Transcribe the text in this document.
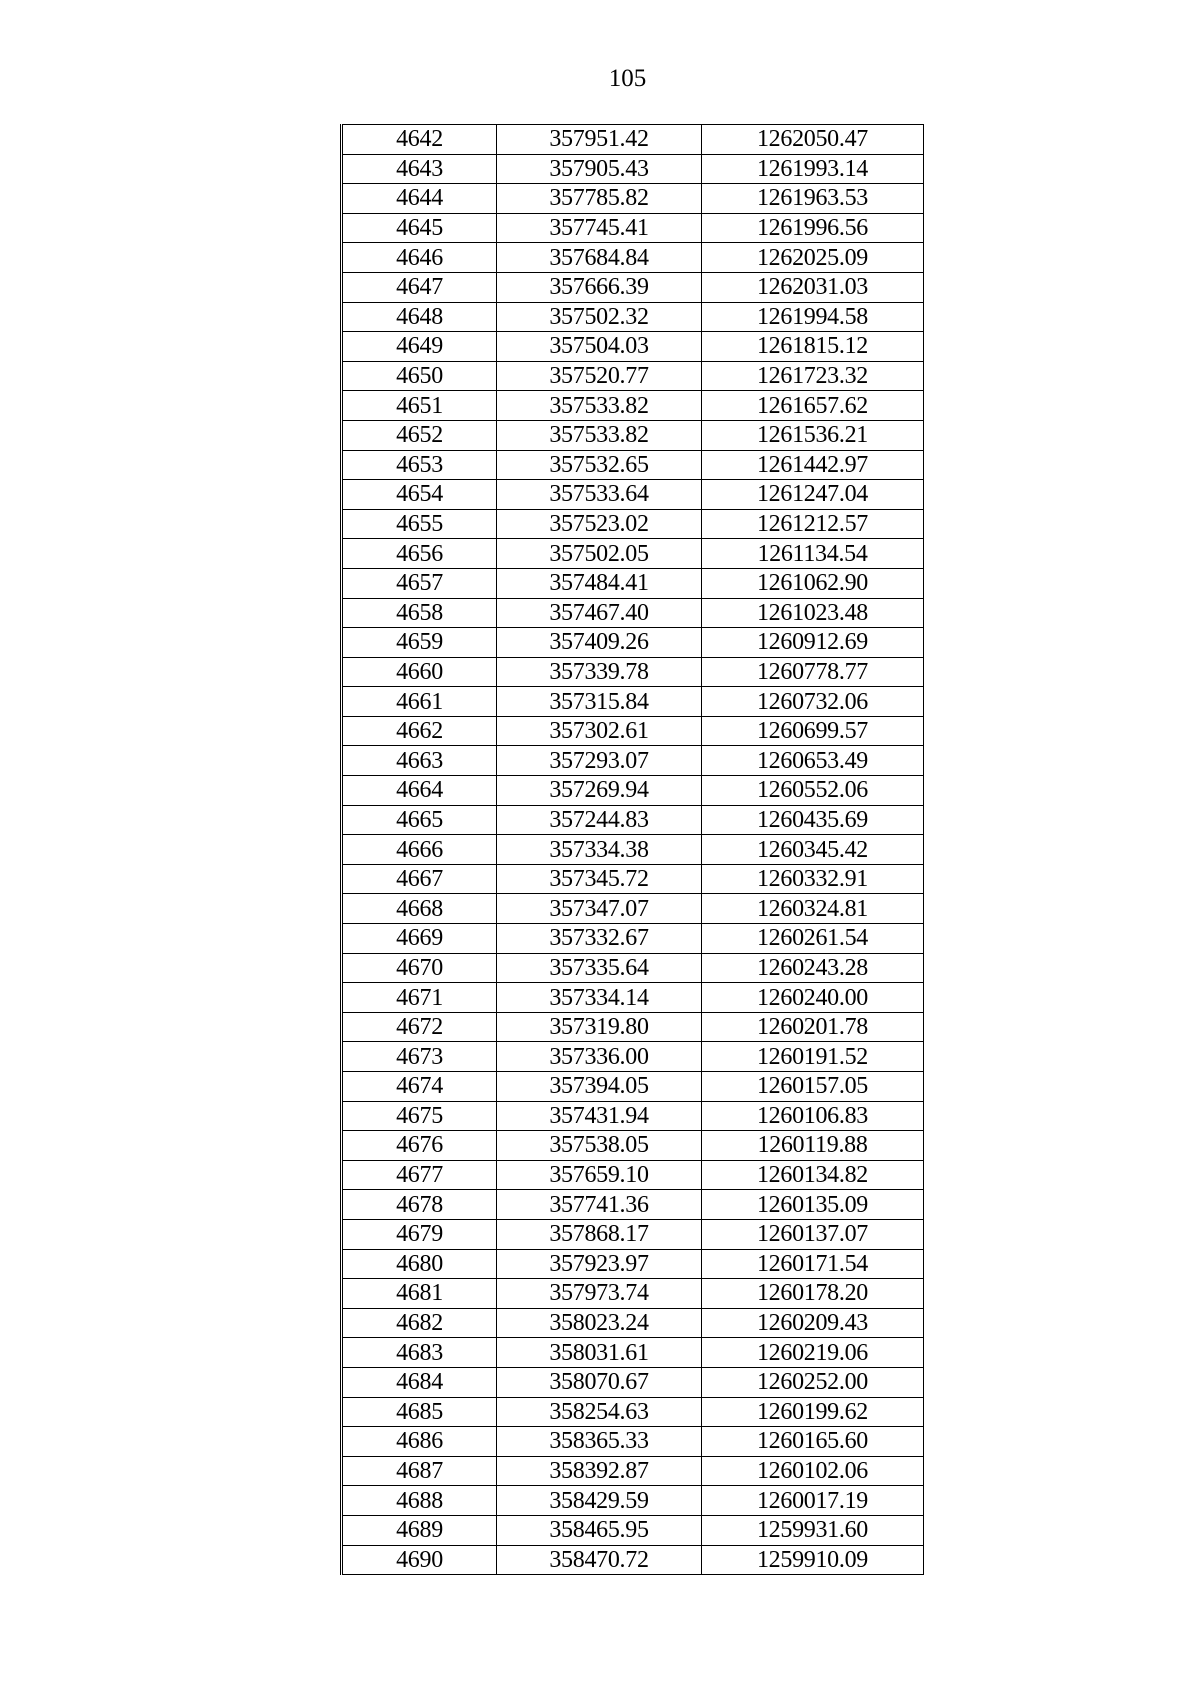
105
4642	357951.42	1262050.47
4643	357905.43	1261993.14
4644	357785.82	1261963.53
4645	357745.41	1261996.56
4646	357684.84	1262025.09
4647	357666.39	1262031.03
4648	357502.32	1261994.58
4649	357504.03	1261815.12
4650	357520.77	1261723.32
4651	357533.82	1261657.62
4652	357533.82	1261536.21
4653	357532.65	1261442.97
4654	357533.64	1261247.04
4655	357523.02	1261212.57
4656	357502.05	1261134.54
4657	357484.41	1261062.90
4658	357467.40	1261023.48
4659	357409.26	1260912.69
4660	357339.78	1260778.77
4661	357315.84	1260732.06
4662	357302.61	1260699.57
4663	357293.07	1260653.49
4664	357269.94	1260552.06
4665	357244.83	1260435.69
4666	357334.38	1260345.42
4667	357345.72	1260332.91
4668	357347.07	1260324.81
4669	357332.67	1260261.54
4670	357335.64	1260243.28
4671	357334.14	1260240.00
4672	357319.80	1260201.78
4673	357336.00	1260191.52
4674	357394.05	1260157.05
4675	357431.94	1260106.83
4676	357538.05	1260119.88
4677	357659.10	1260134.82
4678	357741.36	1260135.09
4679	357868.17	1260137.07
4680	357923.97	1260171.54
4681	357973.74	1260178.20
4682	358023.24	1260209.43
4683	358031.61	1260219.06
4684	358070.67	1260252.00
4685	358254.63	1260199.62
4686	358365.33	1260165.60
4687	358392.87	1260102.06
4688	358429.59	1260017.19
4689	358465.95	1259931.60
4690	358470.72	1259910.09
